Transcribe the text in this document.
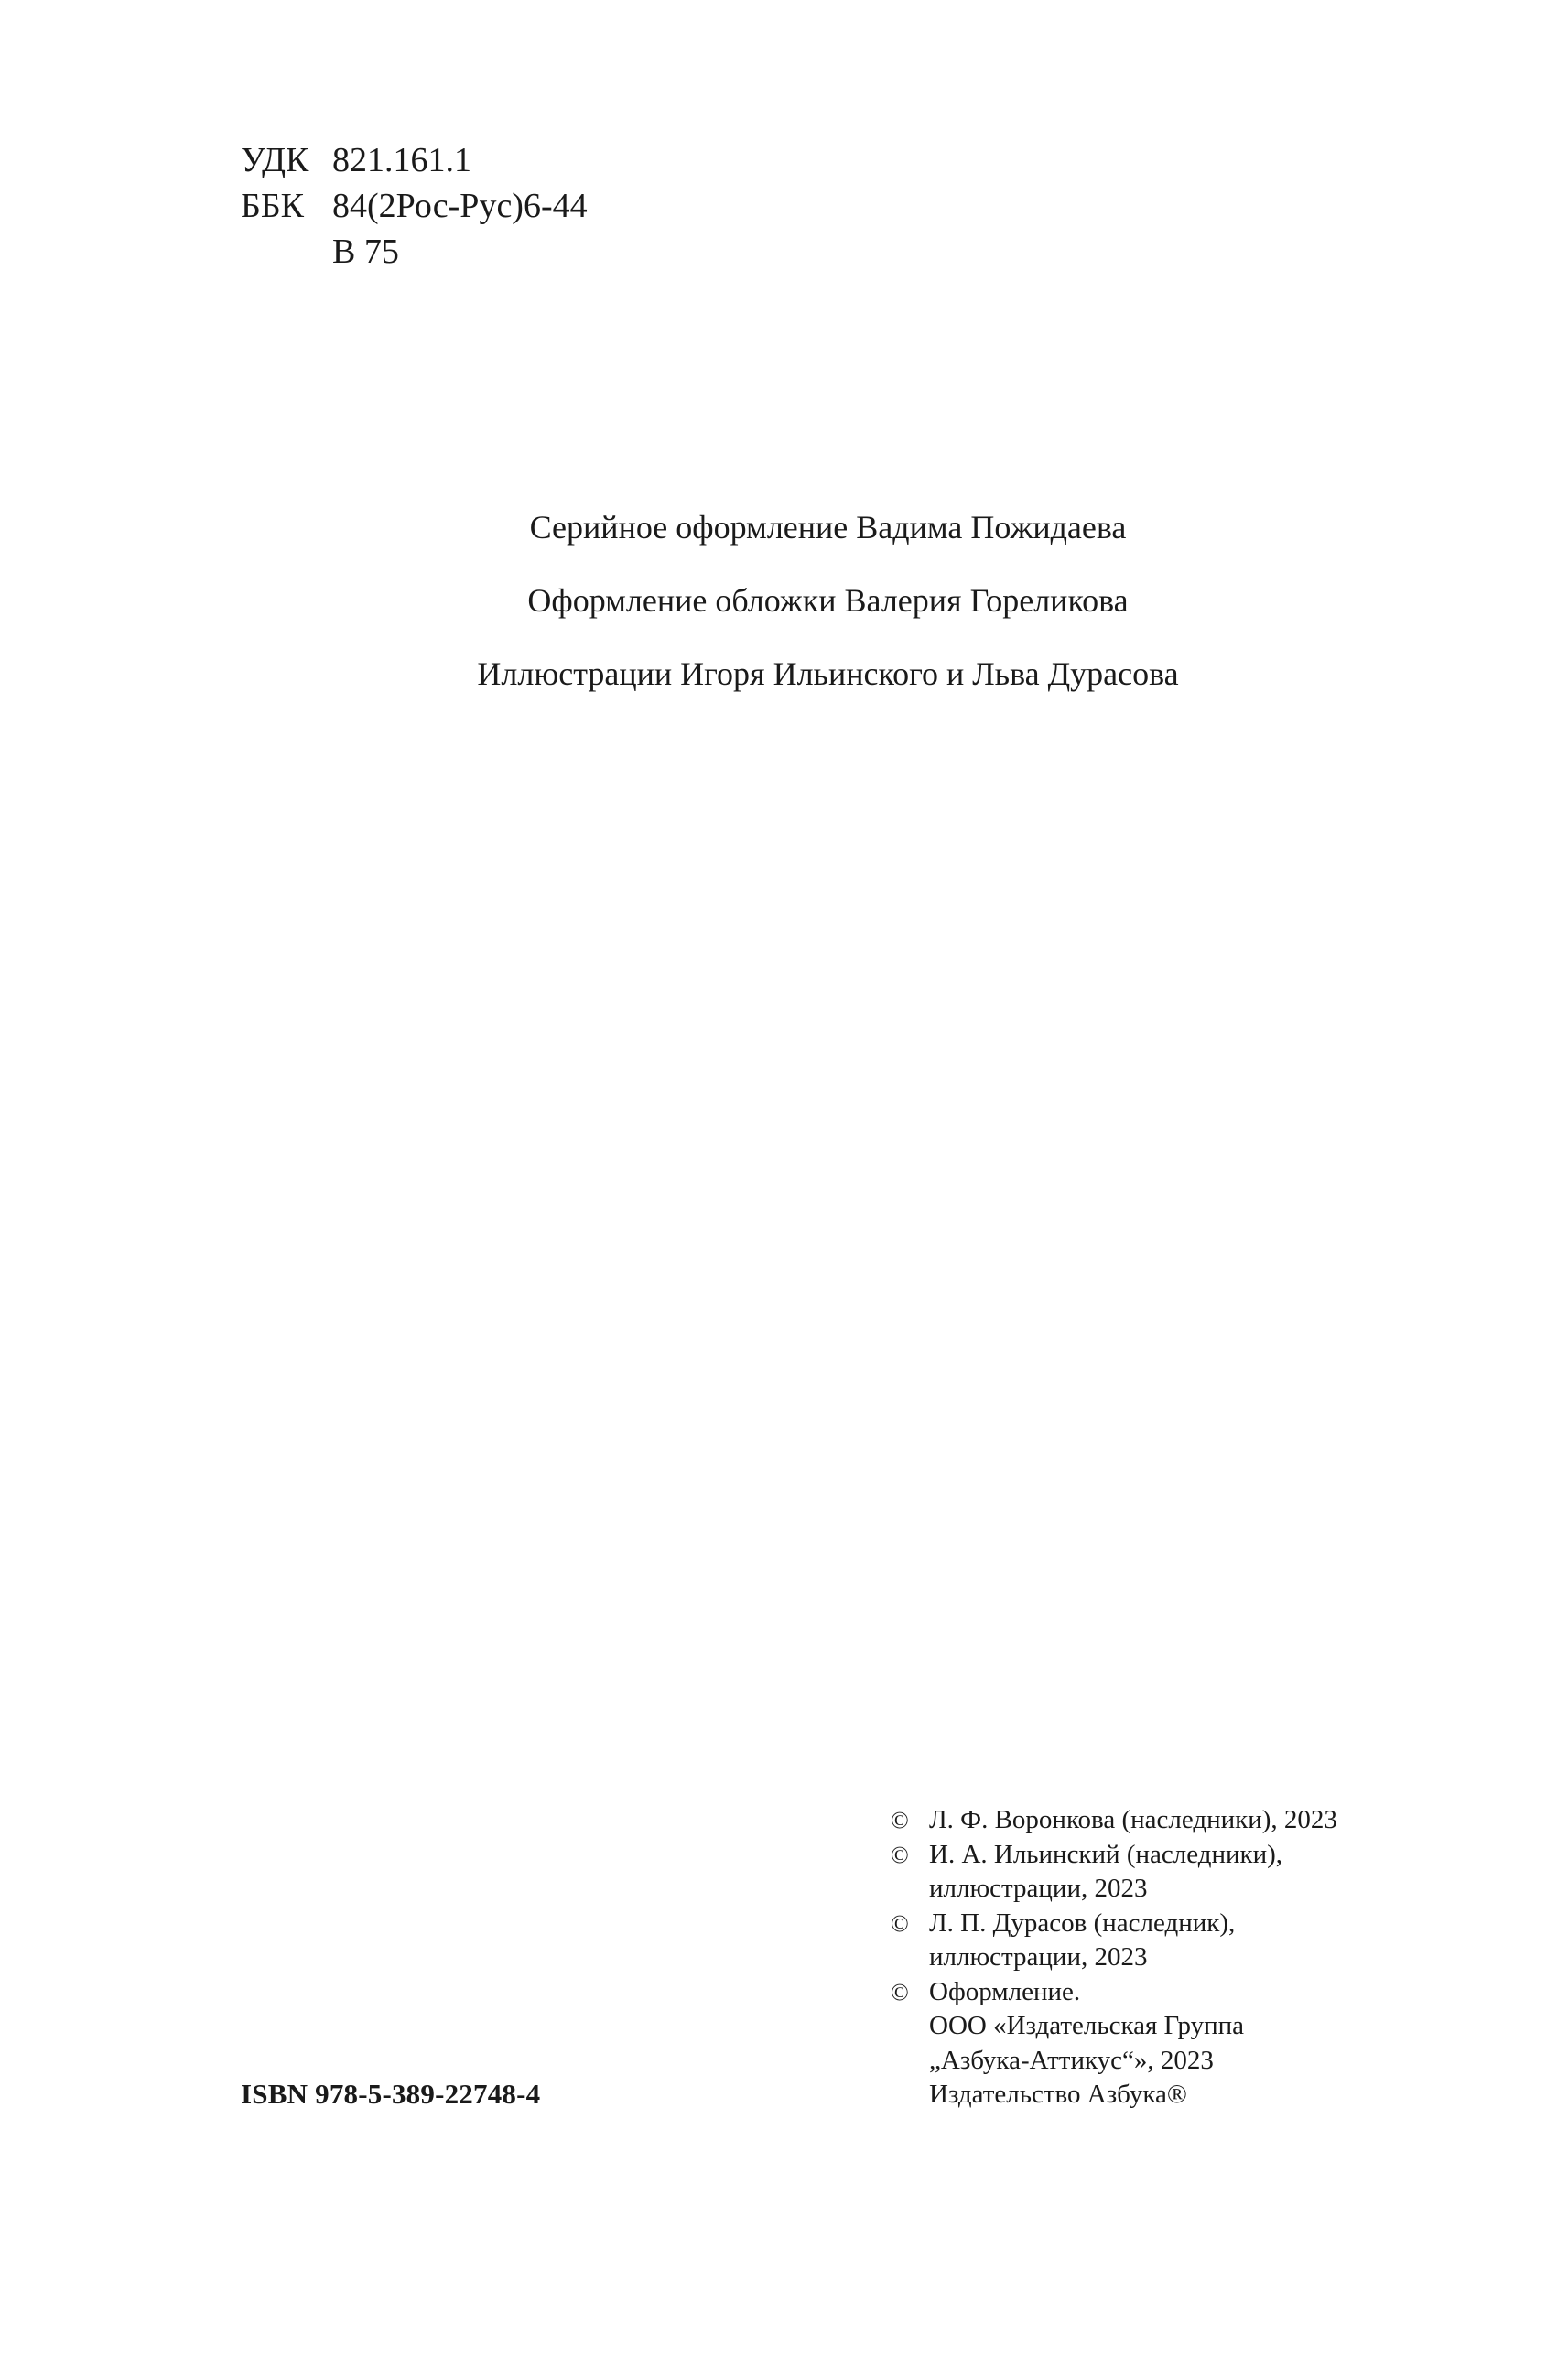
УДК 821.161.1
ББК 84(2Рос-Рус)6-44
В 75
Серийное оформление Вадима Пожидаева
Оформление обложки Валерия Гореликова
Иллюстрации Игоря Ильинского и Льва Дурасова
ISBN 978-5-389-22748-4
© Л. Ф. Воронкова (наследники), 2023
© И. А. Ильинский (наследники),
иллюстрации, 2023
© Л. П. Дурасов (наследник),
иллюстрации, 2023
© Оформление.
ООО «Издательская Группа
„Азбука-Аттикус“», 2023
Издательство Азбука®
